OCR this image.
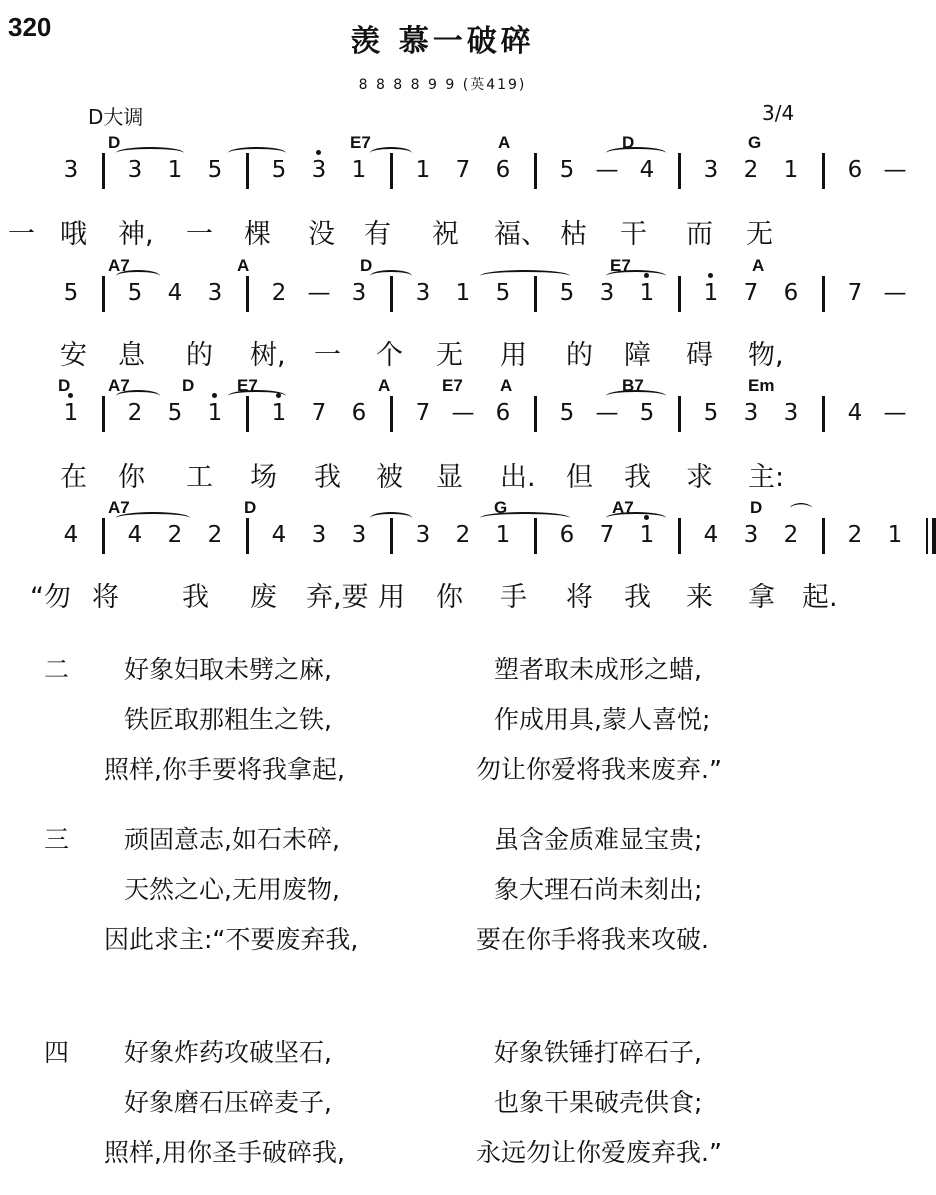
320	羡 慕一破碎
8 8 8 8 9 9 (英419)
D大调	3/4
3 3 1 5 5 3 1 1 7 6 5 — 4 3 2 1 6 —
D	E7	A	D	G
一 哦 神, 一 棵 没 有 祝 福、 枯 干 而 无
5 5 4 3 2 — 3 3 1 5 5 3 1 1 7 6 7 —
A7	A	D	E7	A
安 息 的 树, 一 个 无 用 的 障 碍 物,
1 2 5 1 1 7 6 7 — 6 5 — 5 5 3 3 4 —
D A7	D	E7	A	E7 A	B7	Em
在 你 工 场 我 被 显 出. 但 我 求 主:
4 4 2 2 4 3 3 3 2 1 6 7 1 4 3 2 2 1
A7	D	G	A7	D
“勿 将 我 废 弃,要 用 你 手 将 我 来 拿 起.
⌒
二 好象妇取未劈之麻,	塑者取未成形之蜡,
铁匠取那粗生之铁,	作成用具,蒙人喜悦;
照样,你手要将我拿起,	勿让你爱将我来废弃.”
三 顽固意志,如石未碎,	虽含金质难显宝贵;
天然之心,无用废物,	象大理石尚未刻出;
因此求主:“不要废弃我,	要在你手将我来攻破.
四 好象炸药攻破坚石,	好象铁锤打碎石子,
好象磨石压碎麦子,	也象干果破壳供食;
照样,用你圣手破碎我,	永远勿让你爱废弃我.”
